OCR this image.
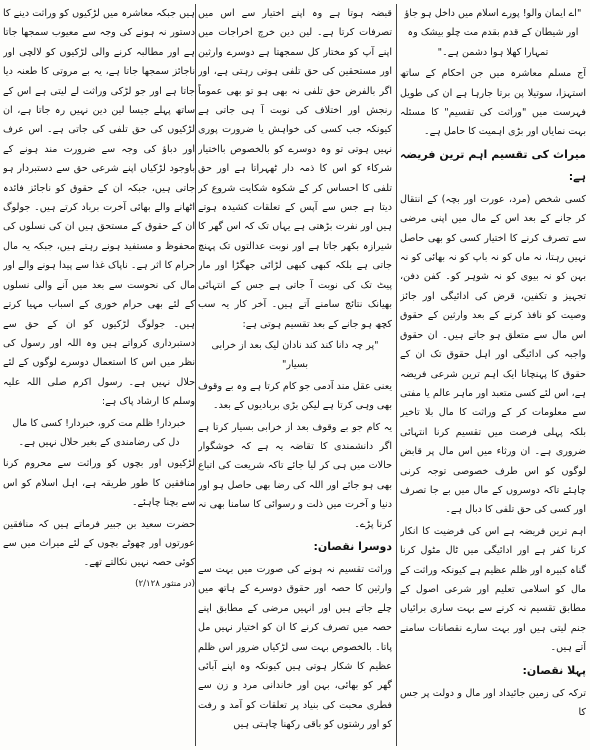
"اے ایمان والو! پورے اسلام میں داخل ہو جاؤ اور شیطان کے قدم بقدم مت چلو بیشک وہ تمہارا کھلا ہوا دشمن ہے۔"

آج مسلم معاشرہ میں جن احکام کے ساتھ استہزا، سوتیلا پن برتا جارہا ہے ان کی طویل فہرست میں "وراثت کی تقسیم" کا مسئلہ بہت نمایاں اور بڑی اہمیت کا حامل ہے۔

میراث کی تقسیم اہم ترین فریضہ ہے:

کسی شخص (مرد، عورت اور بچہ) کے انتقال کر جانے کے بعد اس کے مال میں اپنی مرضی سے تصرف کرنے کا اختیار کسی کو بھی حاصل نہیں رہتا، نہ ماں کو نہ باپ کو نہ بھائی کو نہ بہن کو نہ بیوی کو نہ شوہر کو۔ کفن دفن، تجہیز و تکفین، قرض کی ادائیگی اور جائز وصیت کو نافذ کرنے کے بعد وارثین کے حقوق اس مال سے متعلق ہو جاتے ہیں۔ ان حقوق واجبہ کی ادائیگی اور اہل حقوق تک ان کے حقوق کا پہنچانا ایک اہم ترین شرعی فریضہ ہے، اس لئے کسی متعبد اور ماہر عالم یا مفتی سے معلومات کر کے وراثت کا مال بلا تاخیر بلکہ پہلی فرصت میں تقسیم کرنا انتہائی ضروری ہے۔ ان ورثاء میں اس مال پر قابض لوگوں کو اس طرف خصوصی توجہ کرنی چاہئے تاکہ دوسروں کے مال میں بے جا تصرف اور کسی کی حق تلفی کا دبال ہے۔

اہم ترین فریضہ ہے اس کی فرضیت کا انکار کرنا کفر ہے اور ادائیگی میں ٹال مٹول کرنا گناہ کبیرہ اور ظلم عظیم ہے کیونکہ وراثت کے مال کو اسلامی تعلیم اور شرعی اصول کے مطابق تقسیم نہ کرنے سے بہت ساری برائیاں جنم لیتی ہیں اور بہت سارے نقصانات سامنے آتے ہیں۔

پہلا نقصان:

ترکہ کی زمین جائیداد اور مال و دولت پر جس کا

قبضہ ہوتا ہے وہ اپنے اختیار سے اس میں تصرفات کرتا ہے۔ لین دین خرچ اخراجات میں اپنے آپ کو مختار کل سمجھتا ہے دوسرے وارثین اور مستحقین کی حق تلفی ہوتی رہتی ہے، اور اگر بالفرض حق تلفی نہ بھی ہو تو بھی عموماً رنجش اور اختلاف کی نوبت آ ہی جاتی ہے کیونکہ جب کسی کی خواہش یا ضرورت پوری نہیں ہوتی تو وہ دوسرے کو بالخصوص بااختیار شرکاء کو اس کا ذمہ دار ٹھہراتا ہے اور حق تلفی کا احساس کر کے شکوہ شکایت شروع کر دیتا ہے جس سے آپس کے تعلقات کشیدہ ہوتے ہیں اور نفرت بڑھتی ہے یہاں تک کہ اس گھر کا شیرازہ بکھر جاتا ہے اور نوبت عدالتوں تک پہنچ جاتی ہے بلکہ کبھی کبھی لڑائی جھگڑا اور مار پیٹ تک کی نوبت آ جاتی ہے جس کے انتہائی بھیانک نتائج سامنے آتے ہیں۔ آخر کار یہ سب کچھ ہو جانے کے بعد تقسیم ہوتی ہے:

"پر چہ دانا کند کند نادان لیک بعد از خرابی بسیار"

یعنی عقل مند آدمی جو کام کرتا ہے وہ بے وقوف بھی وہی کرتا ہے لیکن بڑی بربادیوں کے بعد۔

یہ کام جو بے وقوف بعد از خرابی بسیار کرتا ہے اگر دانشمندی کا تقاضہ یہ ہے کہ خوشگوار حالات میں ہی کر لیا جائے تاکہ شریعت کی اتباع بھی ہو جائے اور اللہ کی رضا بھی حاصل ہو اور دنیا و آخرت میں ذلت و رسوائی کا سامنا بھی نہ کرنا پڑے۔

دوسرا نقصان:

وراثت تقسیم نہ ہونے کی صورت میں بہت سے وارثین کا حصہ اور حقوق دوسرے کے ہاتھ میں چلے جاتے ہیں اور انہیں مرضی کے مطابق اپنے حصہ میں تصرف کرنے کا ان کو اختیار نہیں مل پاتا۔ بالخصوص بہت سی لڑکیاں ضرور اس ظلم عظیم کا شکار ہوتی ہیں کیونکہ وہ اپنے آبائی گھر کو بھائی، بہن اور خاندانی مرد و زن سے فطری محبت کی بنیاد پر تعلقات کو آمد و رفت کو اور رشتوں کو باقی رکھنا چاہتی ہیں

ہیں جبکہ معاشرہ میں لڑکیوں کو وراثت دینے کا دستور نہ ہونے کی وجہ سے معیوب سمجھا جاتا ہے اور مطالبہ کرنے والی لڑکیوں کو لالچی اور ناجائز سمجھا جاتا ہے، یہ بے مروتی کا طعنہ دیا جاتا ہے اور جو لڑکی وراثت لے لیتی ہے اس کے ساتھ پہلے جیسا لین دین نہیں رہ جاتا ہے، ان لڑکیوں کی حق تلفی کی جاتی ہے۔ اس عرف اور دباؤ کی وجہ سے ضرورت مند ہونے کے باوجود لڑکیاں اپنے شرعی حق سے دستبردار ہو جاتی ہیں، جبکہ ان کے حقوق کو ناجائز فائدہ اٹھانے والے بھائی آخرت برباد کرتے ہیں۔ جولوگ ان کے حقوق کے مستحق ہیں ان کی نسلوں کی محفوظ و مستفید ہونے رہتے ہیں، جبکہ یہ مال حرام کا اثر ہے۔ ناپاک غذا سے پیدا ہونے والے اور مال کی نحوست سے بعد میں آنے والی نسلوں کے لئے بھی حرام خوری کے اسباب مہیا کرتے ہیں۔ جولوگ لڑکیوں کو ان کے حق سے دستبرداری کرواتے ہیں وہ اللہ اور رسول کی نظر میں اس کا استعمال دوسرے لوگوں کے لئے حلال نہیں ہے۔ رسول اکرم صلی اللہ علیہ وسلم کا ارشاد پاک ہے:

خبردار! ظلم مت کرو، خبردار! کسی کا مال دل کی رضامندی کے بغیر حلال نہیں ہے۔

لڑکیوں اور بچوں کو وراثت سے محروم کرنا منافقین کا طور طریقہ ہے، اہل اسلام کو اس سے بچنا چاہئے۔

حضرت سعید بن جبیر فرماتے ہیں کہ منافقین عورتوں اور چھوٹے بچوں کے لئے میراث میں سے کوئی حصہ نہیں نکالتے تھے۔

(در منثور ۲/۱۲۸)
